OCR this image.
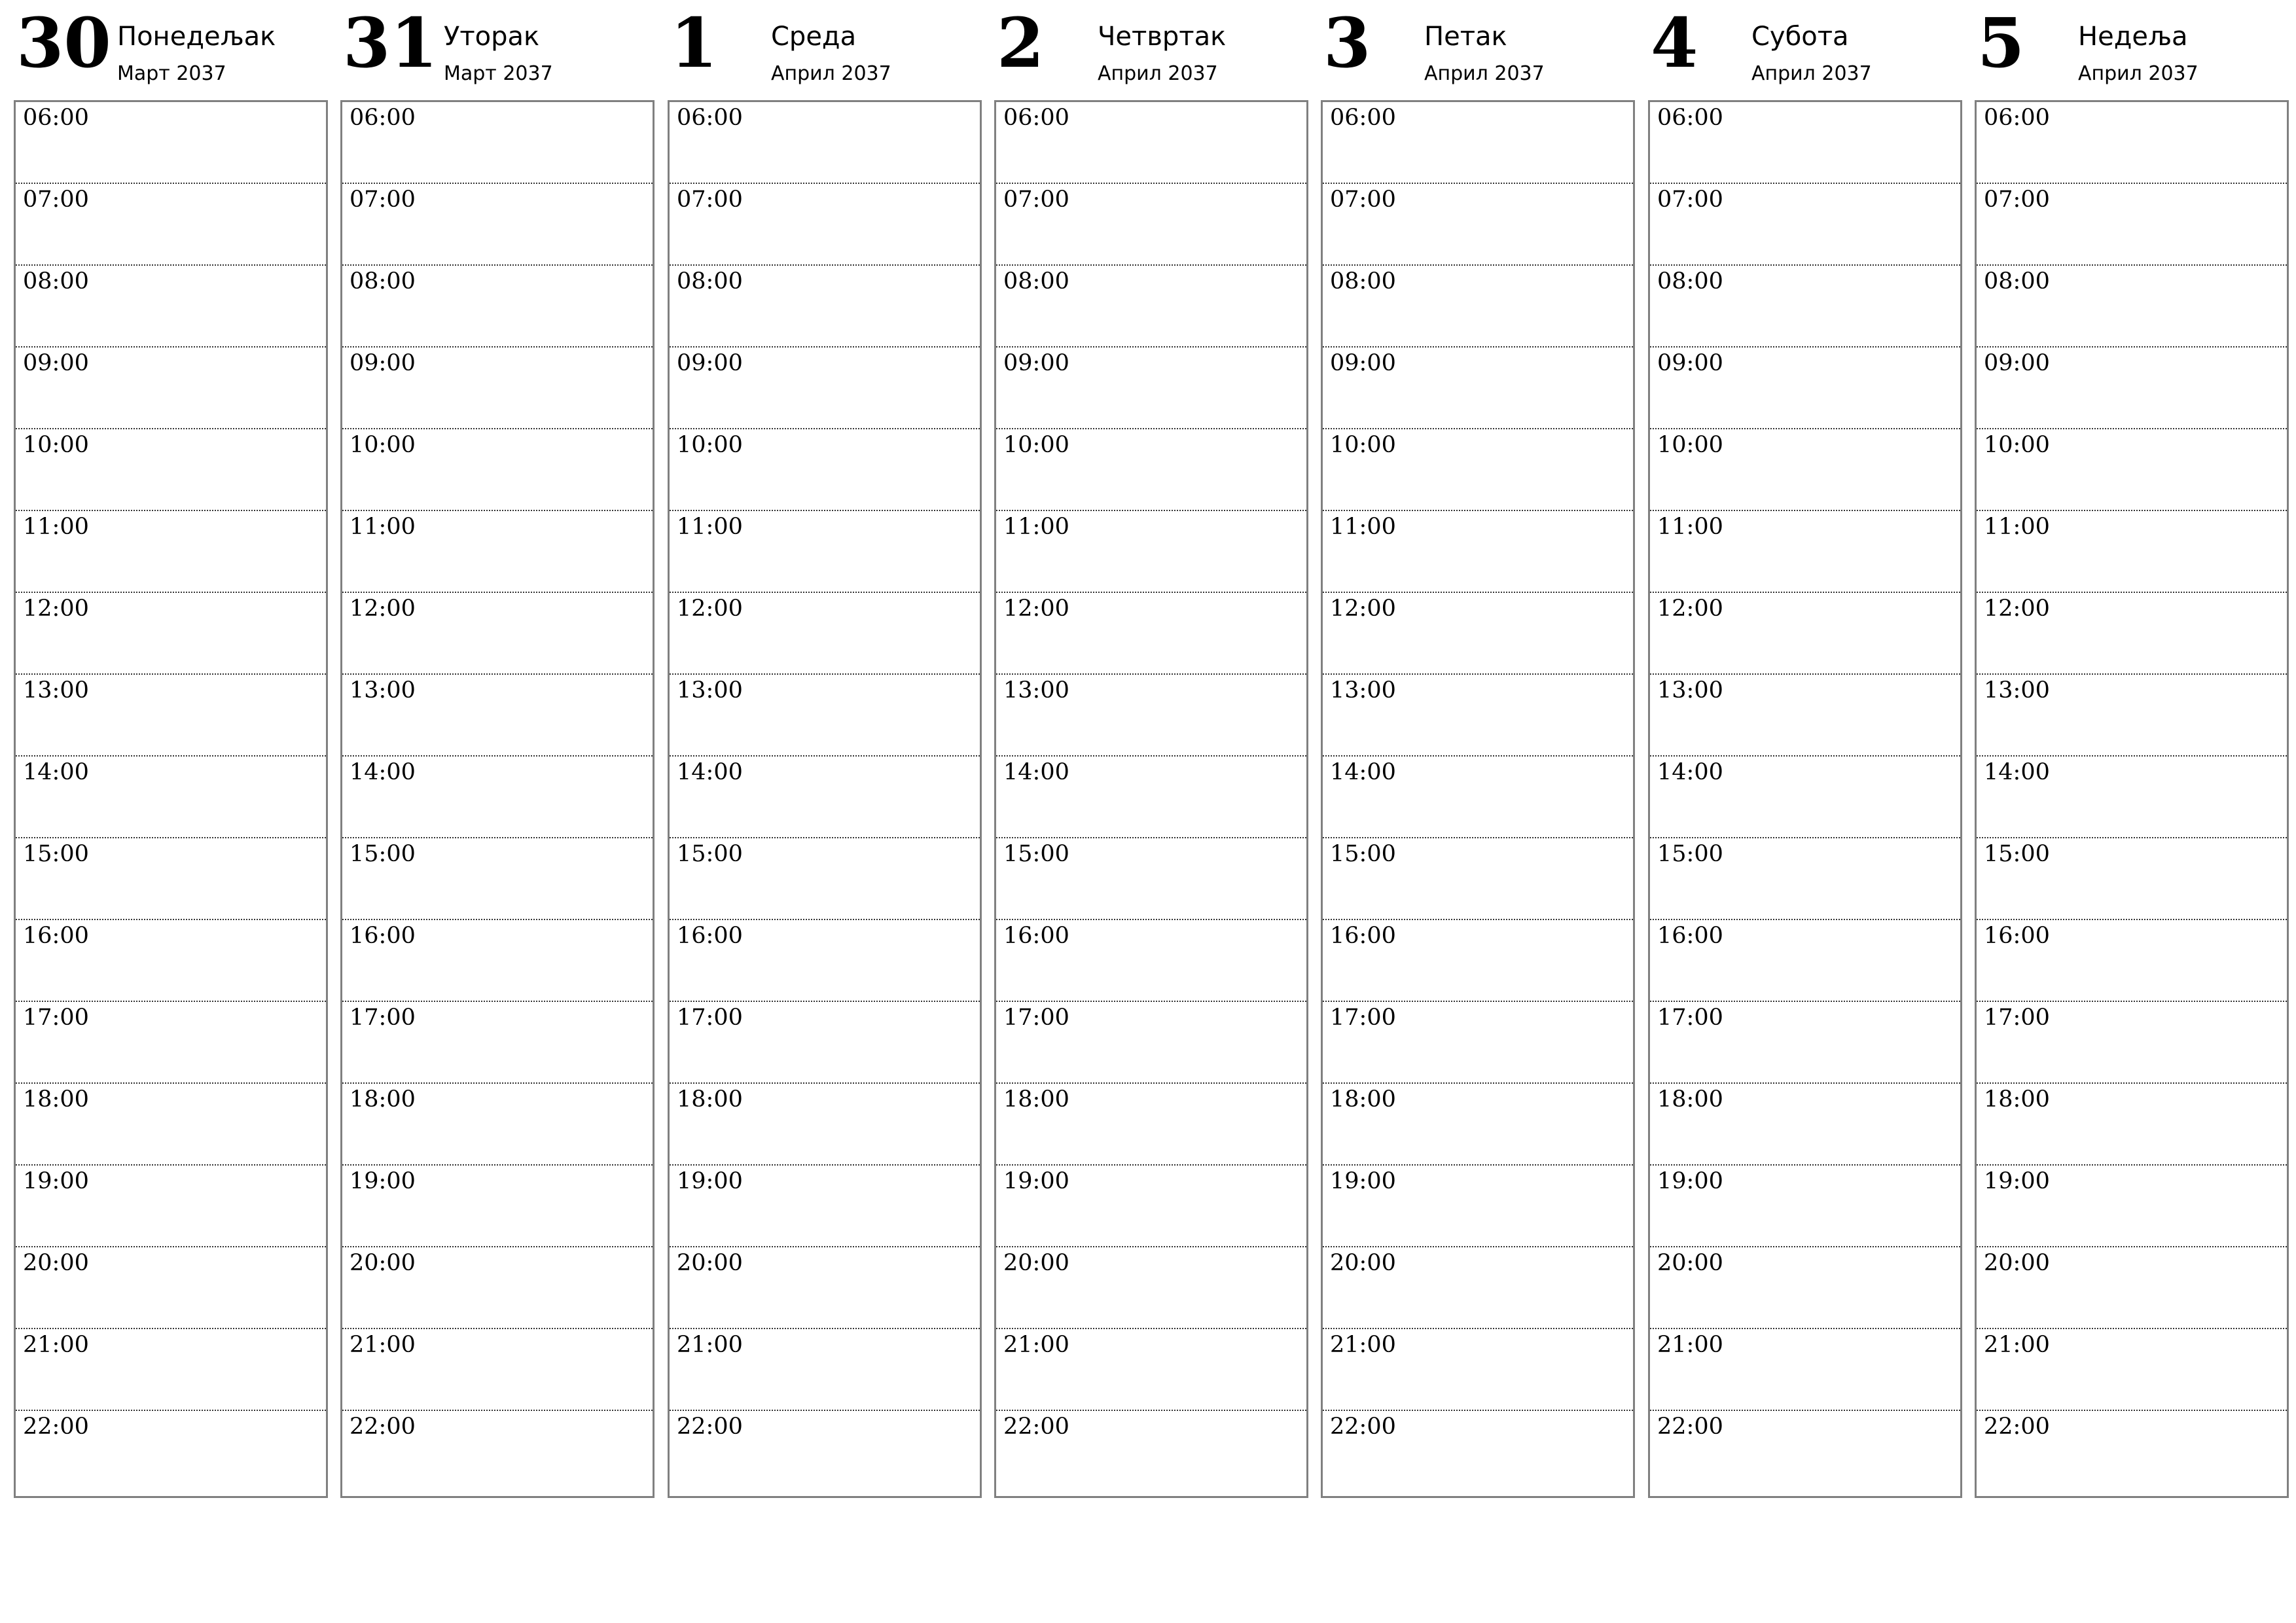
30 Понедељак
Март 2037
06:00
07:00
08:00
09:00
10:00
11:00
12:00
13:00
14:00
15:00
16:00
17:00
18:00
19:00
20:00
21:00
22:00
31 Уторак
Март 2037
06:00
07:00
08:00
09:00
10:00
11:00
12:00
13:00
14:00
15:00
16:00
17:00
18:00
19:00
20:00
21:00
22:00
1 Среда
Април 2037
06:00
07:00
08:00
09:00
10:00
11:00
12:00
13:00
14:00
15:00
16:00
17:00
18:00
19:00
20:00
21:00
22:00
2 Четвртак
Април 2037
06:00
07:00
08:00
09:00
10:00
11:00
12:00
13:00
14:00
15:00
16:00
17:00
18:00
19:00
20:00
21:00
22:00
3 Петак
Април 2037
06:00
07:00
08:00
09:00
10:00
11:00
12:00
13:00
14:00
15:00
16:00
17:00
18:00
19:00
20:00
21:00
22:00
4 Субота
Април 2037
06:00
07:00
08:00
09:00
10:00
11:00
12:00
13:00
14:00
15:00
16:00
17:00
18:00
19:00
20:00
21:00
22:00
5 Недеља
Април 2037
06:00
07:00
08:00
09:00
10:00
11:00
12:00
13:00
14:00
15:00
16:00
17:00
18:00
19:00
20:00
21:00
22:00
